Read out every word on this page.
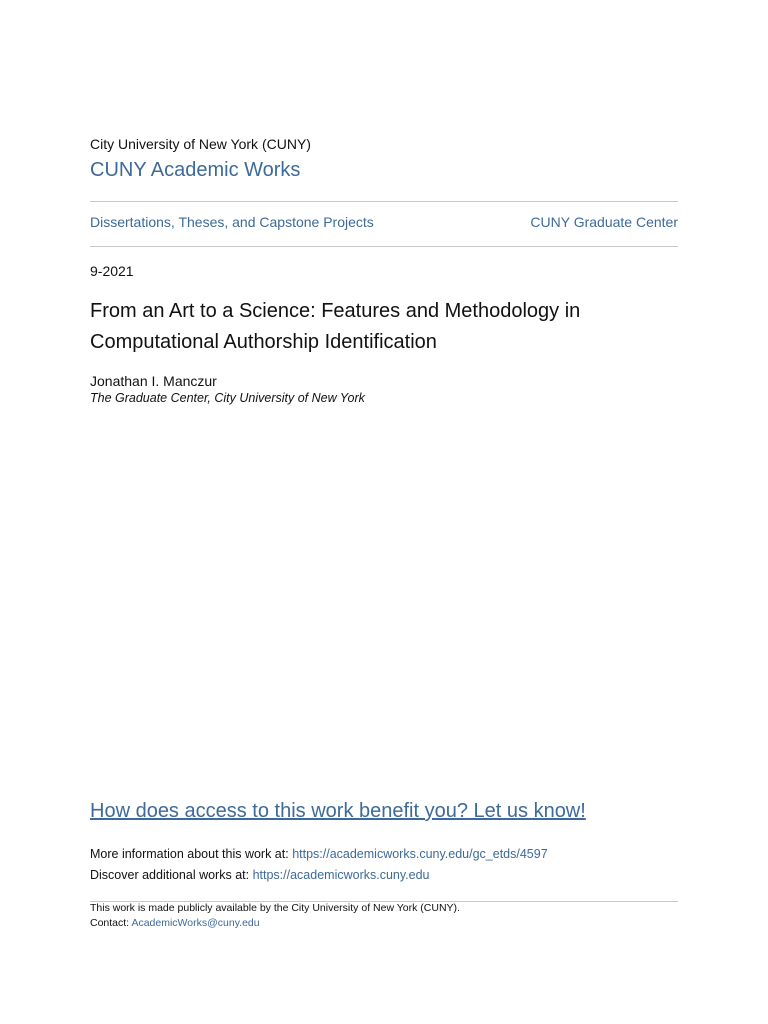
City University of New York (CUNY)
CUNY Academic Works
Dissertations, Theses, and Capstone Projects	CUNY Graduate Center
9-2021
From an Art to a Science: Features and Methodology in Computational Authorship Identification
Jonathan I. Manczur
The Graduate Center, City University of New York
How does access to this work benefit you? Let us know!
More information about this work at: https://academicworks.cuny.edu/gc_etds/4597
Discover additional works at: https://academicworks.cuny.edu
This work is made publicly available by the City University of New York (CUNY).
Contact: AcademicWorks@cuny.edu
